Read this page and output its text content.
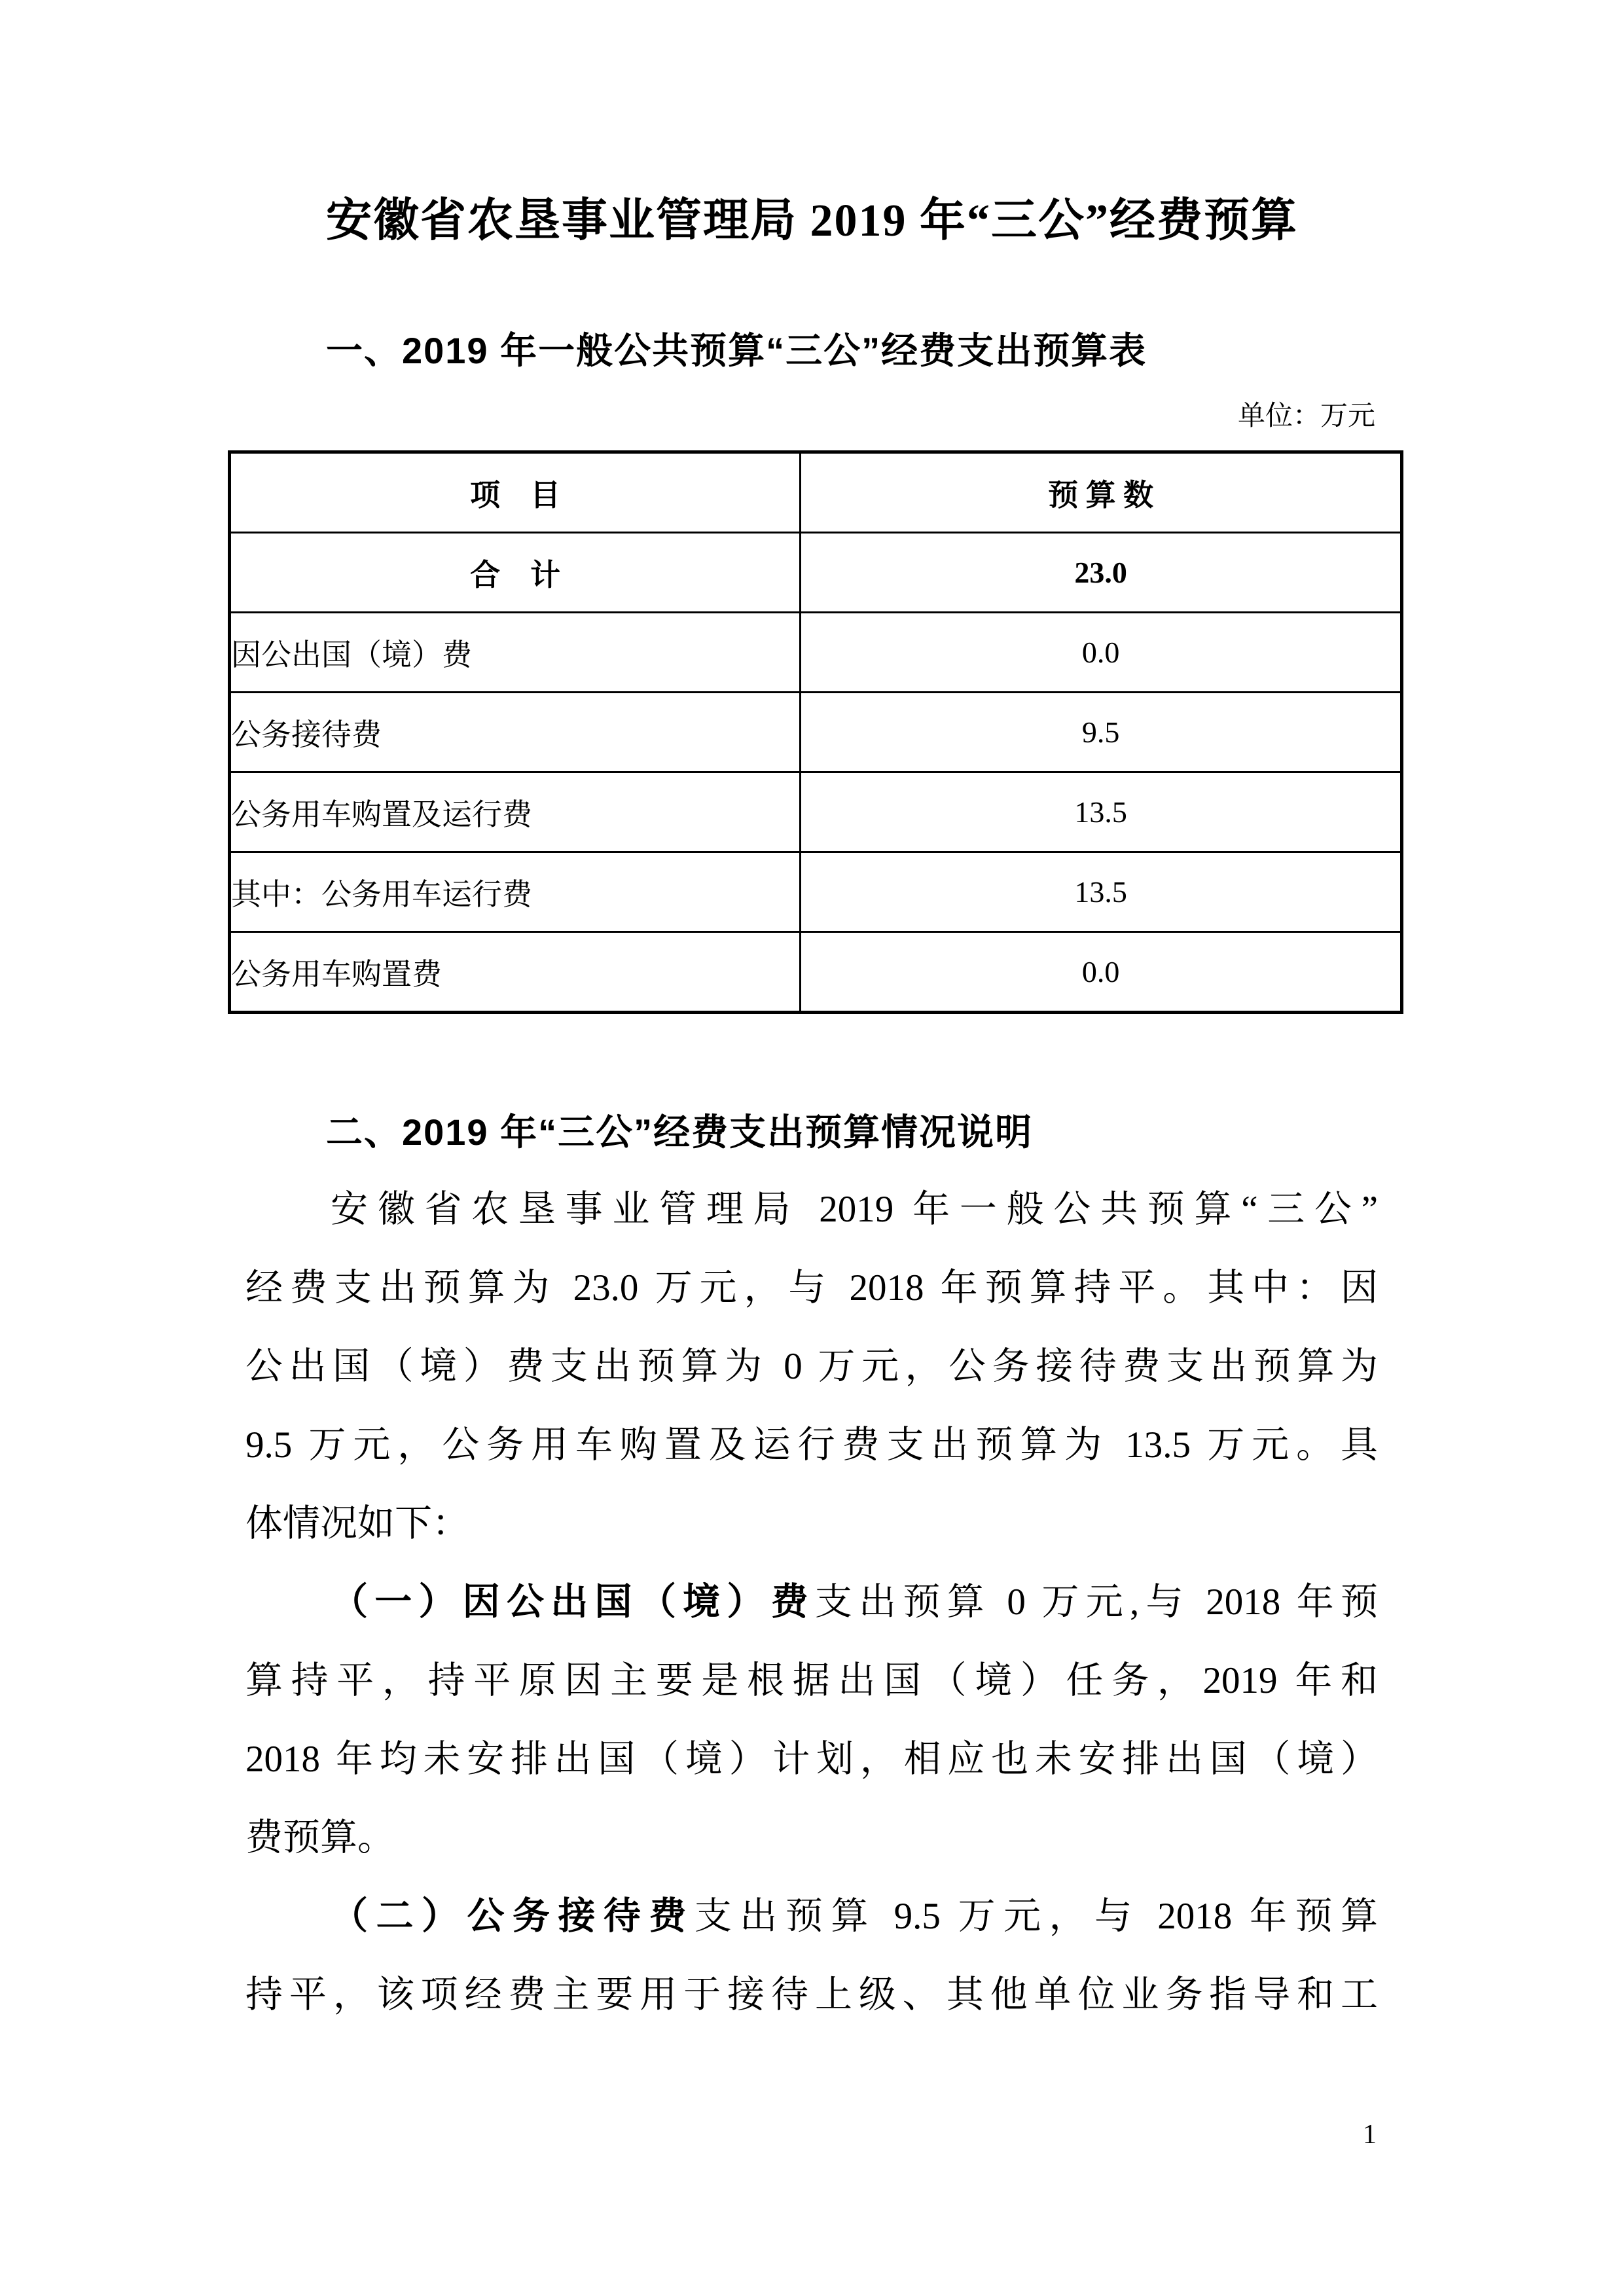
安徽省农垦事业管理局 2019 年“三公”经费预算
一、2019 年一般公共预算“三公”经费支出预算表
单位：万元
项　目	预 算 数
合　计	23.0
因公出国（境）费	0.0
公务接待费	9.5
公务用车购置及运行费	13.5
其中：公务用车运行费	13.5
公务用车购置费	0.0
二、2019 年“三公”经费支出预算情况说明
安徽省农垦事业管理局 2019 年一般公共预算“三公”
经费支出预算为 23.0 万元，与 2018 年预算持平。其中：因
公出国（境）费支出预算为 0 万元，公务接待费支出预算为
9.5 万元，公务用车购置及运行费支出预算为 13.5 万元。具
体情况如下：
（一）因公出国（境）费支出预算 0 万元,与 2018 年预
算持平，持平原因主要是根据出国（境）任务，2019 年和
2018 年均未安排出国（境）计划，相应也未安排出国（境）
费预算。
（二）公务接待费支出预算 9.5 万元，与 2018 年预算
持平，该项经费主要用于接待上级、其他单位业务指导和工
1
